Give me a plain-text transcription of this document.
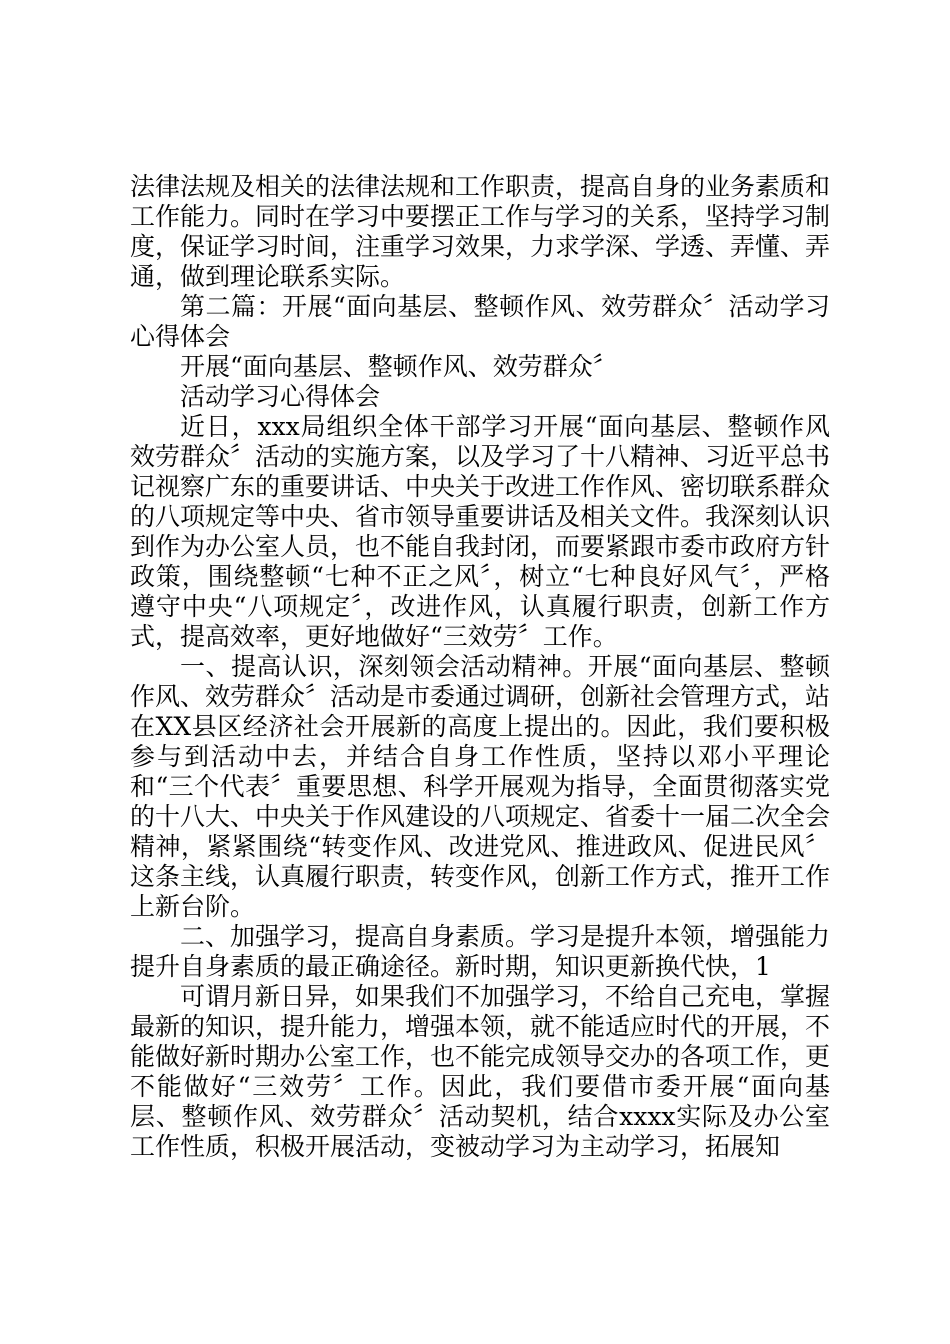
法律法规及相关的法律法规和工作职责，提高自身的业务素质和工作能力。同时在学习中要摆正工作与学习的关系，坚持学习制度，保证学习时间，注重学习效果，力求学深、学透、弄懂、弄通，做到理论联系实际。

第二篇：开展“面向基层、整顿作风、效劳群众〞活动学习心得体会

开展“面向基层、整顿作风、效劳群众〞

活动学习心得体会

近日，xxx局组织全体干部学习开展“面向基层、整顿作风效劳群众〞活动的实施方案，以及学习了十八精神、习近平总书记视察广东的重要讲话、中央关于改进工作作风、密切联系群众的八项规定等中央、省市领导重要讲话及相关文件。我深刻认识到作为办公室人员，也不能自我封闭，而要紧跟市委市政府方针政策，围绕整顿“七种不正之风〞，树立“七种良好风气〞，严格遵守中央“八项规定〞，改进作风，认真履行职责，创新工作方式，提高效率，更好地做好“三效劳〞工作。

一、提高认识，深刻领会活动精神。开展“面向基层、整顿作风、效劳群众〞活动是市委通过调研，创新社会管理方式，站在XX县区经济社会开展新的高度上提出的。因此，我们要积极参与到活动中去，并结合自身工作性质，坚持以邓小平理论和“三个代表〞重要思想、科学开展观为指导，全面贯彻落实党的十八大、中央关于作风建设的八项规定、省委十一届二次全会精神，紧紧围绕“转变作风、改进党风、推进政风、促进民风〞这条主线，认真履行职责，转变作风，创新工作方式，推开工作上新台阶。

二、加强学习，提高自身素质。学习是提升本领，增强能力提升自身素质的最正确途径。新时期，知识更新换代快，1

可谓月新日异，如果我们不加强学习，不给自己充电，掌握最新的知识，提升能力，增强本领，就不能适应时代的开展，不能做好新时期办公室工作，也不能完成领导交办的各项工作，更不能做好“三效劳〞工作。因此，我们要借市委开展“面向基层、整顿作风、效劳群众〞活动契机，结合xxxx实际及办公室工作性质，积极开展活动，变被动学习为主动学习，拓展知
